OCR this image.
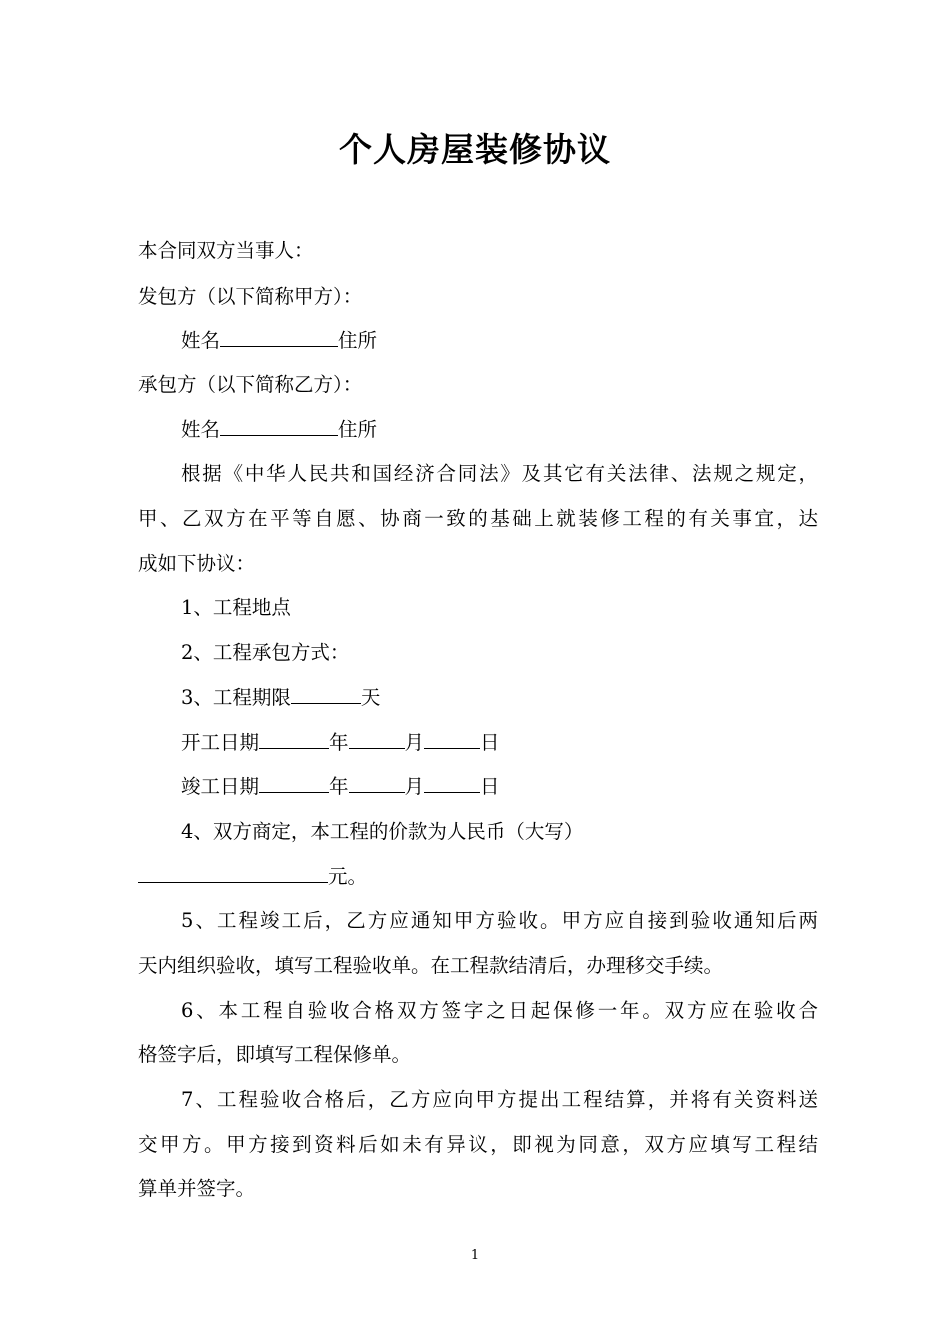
个人房屋装修协议
本合同双方当事人：
发包方（以下简称甲方）：
姓名	住所
承包方（以下简称乙方）：
姓名	住所
根据《中华人民共和国经济合同法》及其它有关法律、法规之规定，
甲、乙双方在平等自愿、协商一致的基础上就装修工程的有关事宜，达
成如下协议：
1、工程地点
2、工程承包方式：
3、工程期限	天
开工日期	年	月	日
竣工日期	年	月	日
4、双方商定，本工程的价款为人民币（大写）
元。
5、工程竣工后，乙方应通知甲方验收。甲方应自接到验收通知后两
天内组织验收，填写工程验收单。在工程款结清后，办理移交手续。
6、本工程自验收合格双方签字之日起保修一年。双方应在验收合
格签字后，即填写工程保修单。
7、工程验收合格后，乙方应向甲方提出工程结算，并将有关资料送
交甲方。甲方接到资料后如未有异议，即视为同意，双方应填写工程结
算单并签字。
1
